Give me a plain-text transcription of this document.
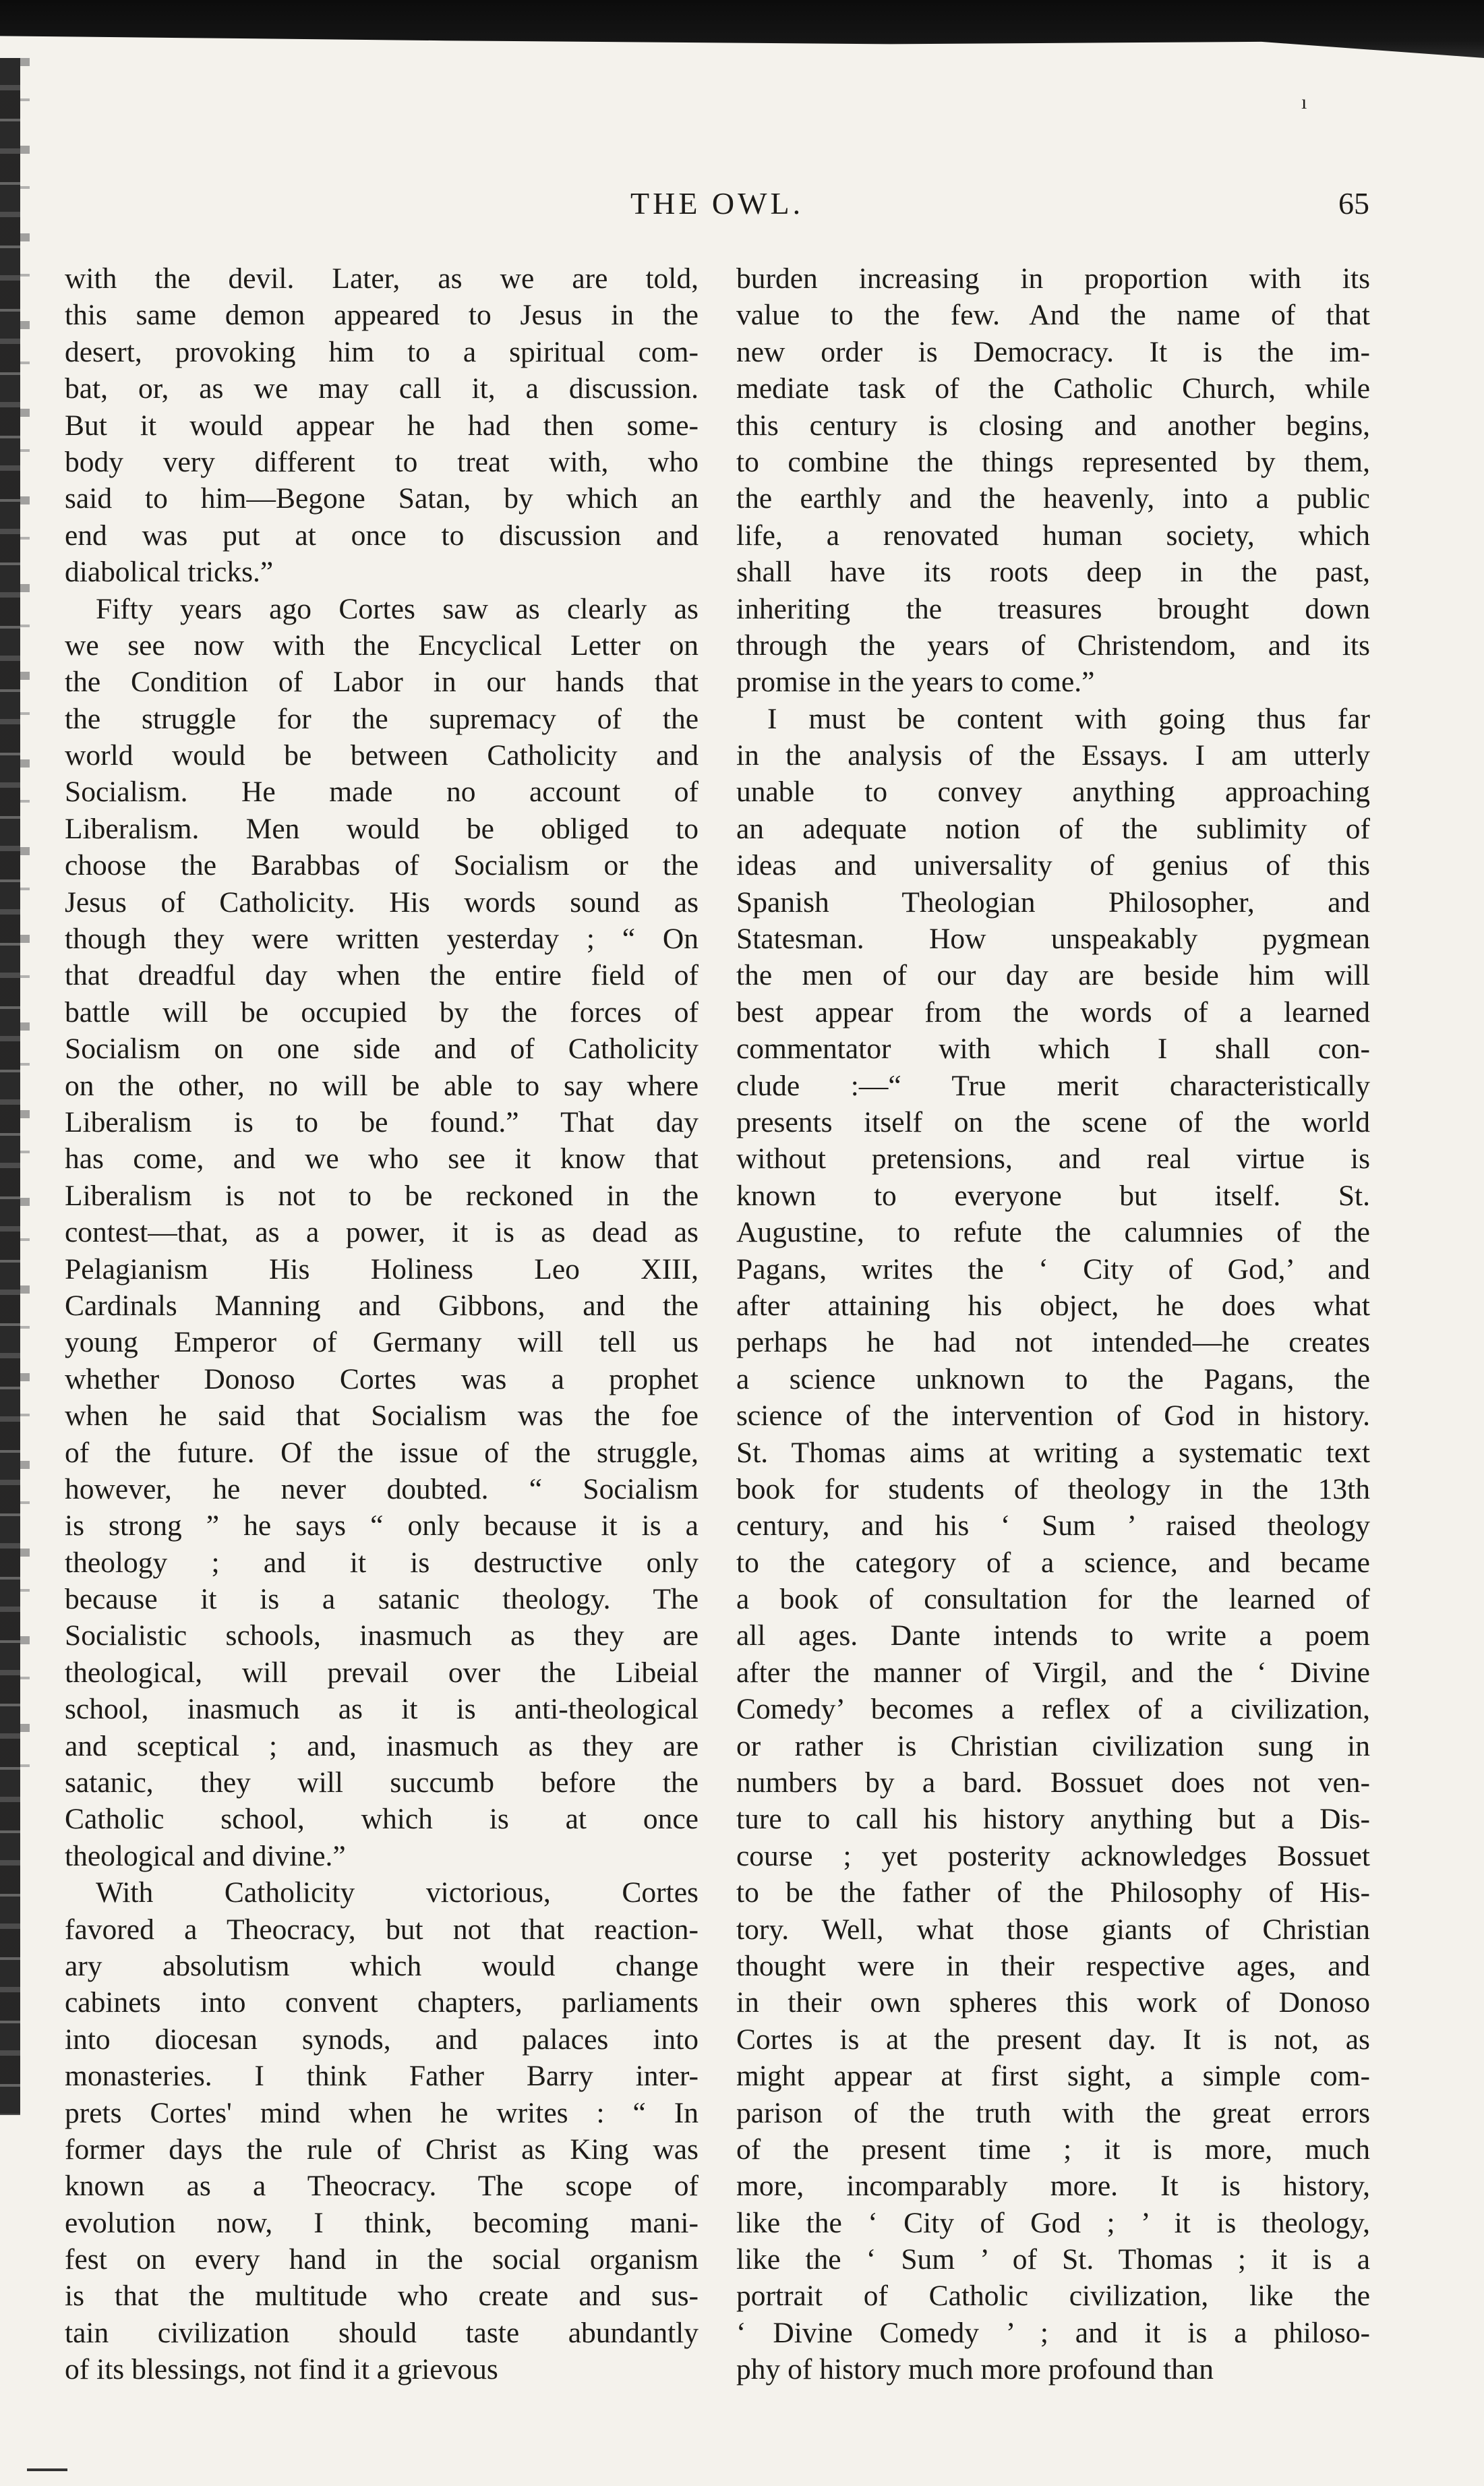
ı
THE OWL.	65
with the devil. Later, as we are told,
this same demon appeared to Jesus in the
desert, provoking him to a spiritual com-
bat, or, as we may call it, a discussion.
But it would appear he had then some-
body very different to treat with, who
said to him—Begone Satan, by which an
end was put at once to discussion and
diabolical tricks.”
Fifty years ago Cortes saw as clearly as
we see now with the Encyclical Letter on
the Condition of Labor in our hands that
the struggle for the supremacy of the
world would be between Catholicity and
Socialism. He made no account of
Liberalism. Men would be obliged to
choose the Barabbas of Socialism or the
Jesus of Catholicity. His words sound as
though they were written yesterday ; “ On
that dreadful day when the entire field of
battle will be occupied by the forces of
Socialism on one side and of Catholicity
on the other, no will be able to say where
Liberalism is to be found.” That day
has come, and we who see it know that
Liberalism is not to be reckoned in the
contest—that, as a power, it is as dead as
Pelagianism His Holiness Leo XIII,
Cardinals Manning and Gibbons, and the
young Emperor of Germany will tell us
whether Donoso Cortes was a prophet
when he said that Socialism was the foe
of the future. Of the issue of the struggle,
however, he never doubted. “ Socialism
is strong ” he says “ only because it is a
theology ; and it is destructive only
because it is a satanic theology. The
Socialistic schools, inasmuch as they are
theological, will prevail over the Libeial
school, inasmuch as it is anti-theological
and sceptical ; and, inasmuch as they are
satanic, they will succumb before the
Catholic school, which is at once
theological and divine.”
With Catholicity victorious, Cortes
favored a Theocracy, but not that reaction-
ary absolutism which would change
cabinets into convent chapters, parliaments
into diocesan synods, and palaces into
monasteries. I think Father Barry inter-
prets Cortes' mind when he writes : “ In
former days the rule of Christ as King was
known as a Theocracy. The scope of
evolution now, I think, becoming mani-
fest on every hand in the social organism
is that the multitude who create and sus-
tain civilization should taste abundantly
of its blessings, not find it a grievous
burden increasing in proportion with its
value to the few. And the name of that
new order is Democracy. It is the im-
mediate task of the Catholic Church, while
this century is closing and another begins,
to combine the things represented by them,
the earthly and the heavenly, into a public
life, a renovated human society, which
shall have its roots deep in the past,
inheriting the treasures brought down
through the years of Christendom, and its
promise in the years to come.”
I must be content with going thus far
in the analysis of the Essays. I am utterly
unable to convey anything approaching
an adequate notion of the sublimity of
ideas and universality of genius of this
Spanish Theologian Philosopher, and
Statesman. How unspeakably pygmean
the men of our day are beside him will
best appear from the words of a learned
commentator with which I shall con-
clude :—“ True merit characteristically
presents itself on the scene of the world
without pretensions, and real virtue is
known to everyone but itself. St.
Augustine, to refute the calumnies of the
Pagans, writes the ‘ City of God,’ and
after attaining his object, he does what
perhaps he had not intended—he creates
a science unknown to the Pagans, the
science of the intervention of God in history.
St. Thomas aims at writing a systematic text
book for students of theology in the 13th
century, and his ‘ Sum ’ raised theology
to the category of a science, and became
a book of consultation for the learned of
all ages. Dante intends to write a poem
after the manner of Virgil, and the ‘ Divine
Comedy’ becomes a reflex of a civilization,
or rather is Christian civilization sung in
numbers by a bard. Bossuet does not ven-
ture to call his history anything but a Dis-
course ; yet posterity acknowledges Bossuet
to be the father of the Philosophy of His-
tory. Well, what those giants of Christian
thought were in their respective ages, and
in their own spheres this work of Donoso
Cortes is at the present day. It is not, as
might appear at first sight, a simple com-
parison of the truth with the great errors
of the present time ; it is more, much
more, incomparably more. It is history,
like the ‘ City of God ; ’ it is theology,
like the ‘ Sum ’ of St. Thomas ; it is a
portrait of Catholic civilization, like the
‘ Divine Comedy ’ ; and it is a philoso-
phy of history much more profound than
